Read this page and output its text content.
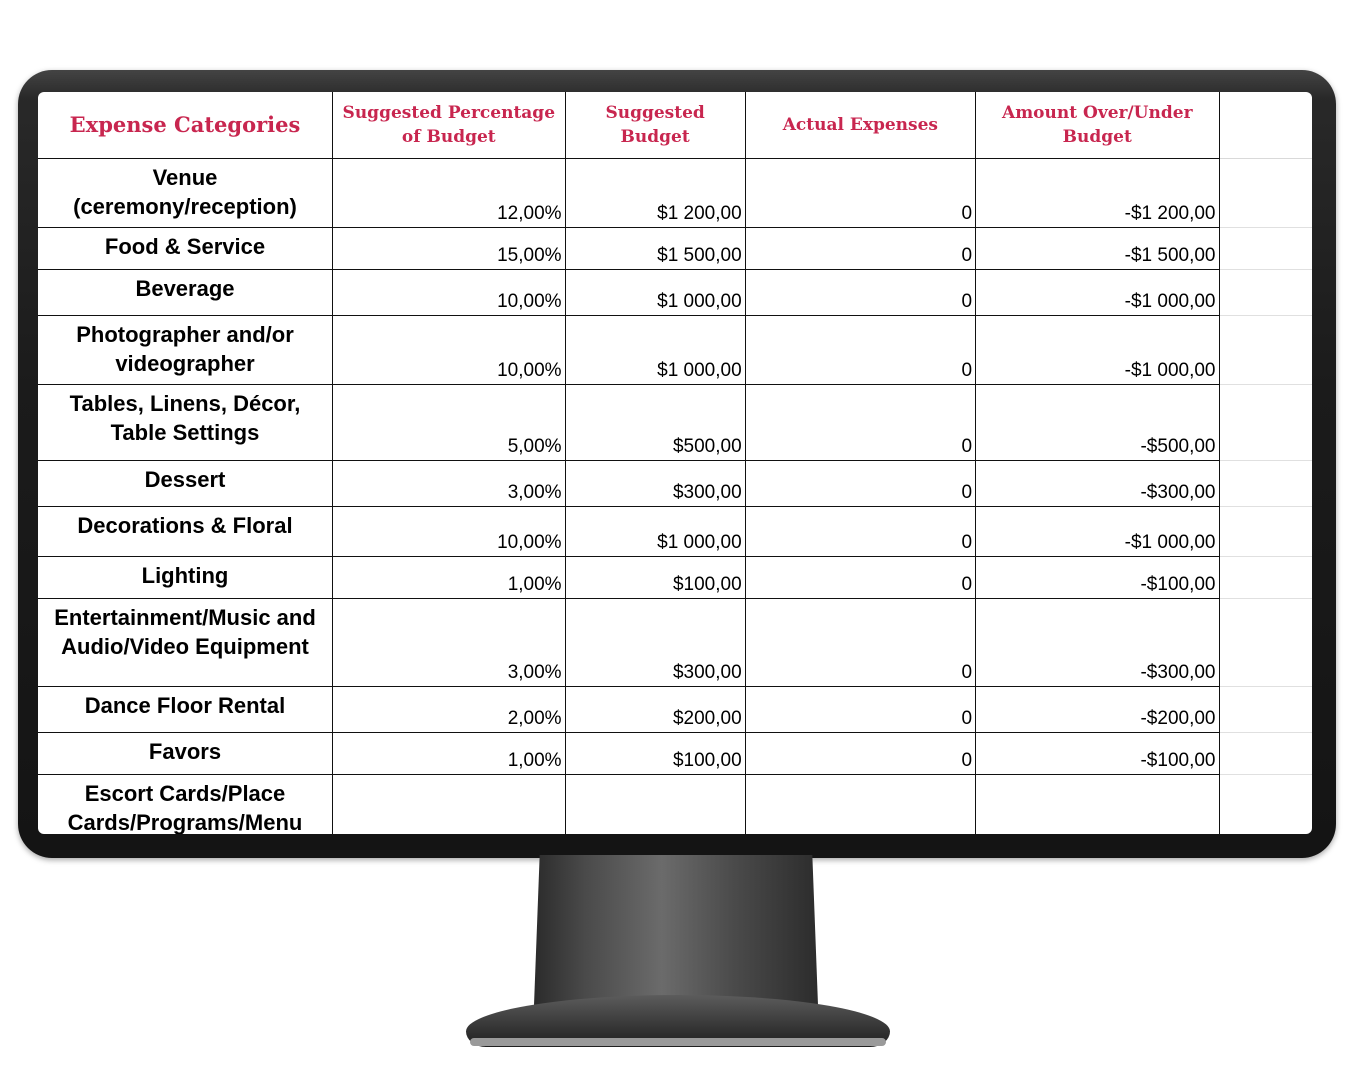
Expense Categories	Suggested Percentage of Budget	Suggested Budget	Actual Expenses	Amount Over/Under Budget	

Venue (ceremony/reception)	12,00%	$1 200,00	0	-$1 200,00	

Food & Service	15,00%	$1 500,00	0	-$1 500,00	

Beverage	10,00%	$1 000,00	0	-$1 000,00	

Photographer and/or videographer	10,00%	$1 000,00	0	-$1 000,00	

Tables, Linens, Décor, Table Settings	5,00%	$500,00	0	-$500,00	

Dessert	3,00%	$300,00	0	-$300,00	

Decorations & Floral	10,00%	$1 000,00	0	-$1 000,00	

Lighting	1,00%	$100,00	0	-$100,00	

Entertainment/Music and Audio/Video Equipment	3,00%	$300,00	0	-$300,00	

Dance Floor Rental	2,00%	$200,00	0	-$200,00	

Favors	1,00%	$100,00	0	-$100,00	

Escort Cards/Place Cards/Programs/Menu					
